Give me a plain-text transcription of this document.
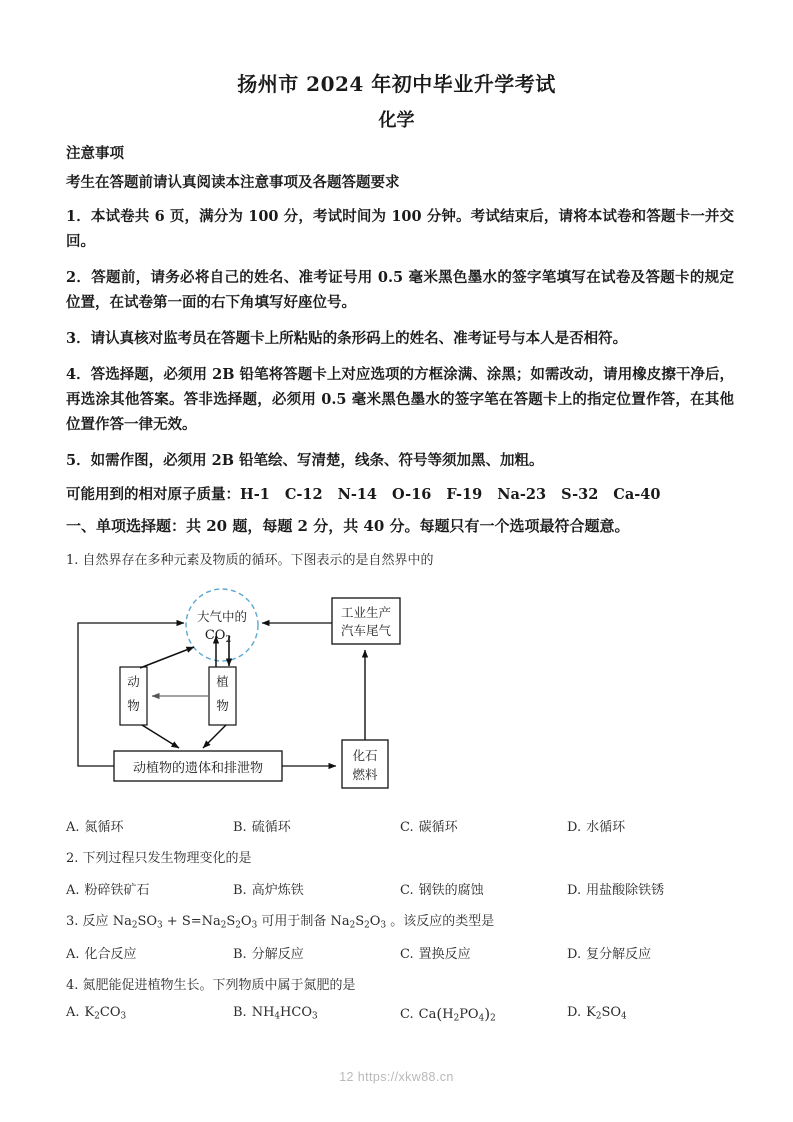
扬州市 2024 年初中毕业升学考试
化学
注意事项
考生在答题前请认真阅读本注意事项及各题答题要求
1．本试卷共 6 页，满分为 100 分，考试时间为 100 分钟。考试结束后，请将本试卷和答题卡一并交回。
2．答题前，请务必将自己的姓名、准考证号用 0.5 毫米黑色墨水的签字笔填写在试卷及答题卡的规定位置，在试卷第一面的右下角填写好座位号。
3．请认真核对监考员在答题卡上所粘贴的条形码上的姓名、准考证号与本人是否相符。
4．答选择题，必须用 2B 铅笔将答题卡上对应选项的方框涂满、涂黑；如需改动，请用橡皮擦干净后，再选涂其他答案。答非选择题，必须用 0.5 毫米黑色墨水的签字笔在答题卡上的指定位置作答，在其他位置作答一律无效。
5．如需作图，必须用 2B 铅笔绘、写清楚，线条、符号等须加黑、加粗。
可能用到的相对原子质量：H-1 C-12 N-14 O-16 F-19 Na-23 S-32 Ca-40
一、单项选择题：共 20 题，每题 2 分，共 40 分。每题只有一个选项最符合题意。
1. 自然界存在多种元素及物质的循环。下图表示的是自然界中的
大气中的
$CO_2$
工业生产
汽车尾气
动
物
植
物
动植物的遗体和排泄物
化石
燃料
A. 氮循环	B. 硫循环	C. 碳循环	D. 水循环
2. 下列过程只发生物理变化的是
A. 粉碎铁矿石	B. 高炉炼铁	C. 钢铁的腐蚀	D. 用盐酸除铁锈
3. 反应 $Na_2SO_3 + S=Na_2S_2O_3$ 可用于制备 $Na_2S_2O_3$ 。该反应的类型是
A. 化合反应	B. 分解反应	C. 置换反应	D. 复分解反应
4. 氮肥能促进植物生长。下列物质中属于氮肥的是
A. $K_2CO_3$	B. $NH_4HCO_3$	C. $Ca(H_2PO_4)_2$	D. $K_2SO_4$
12 https://xkw88.cn
